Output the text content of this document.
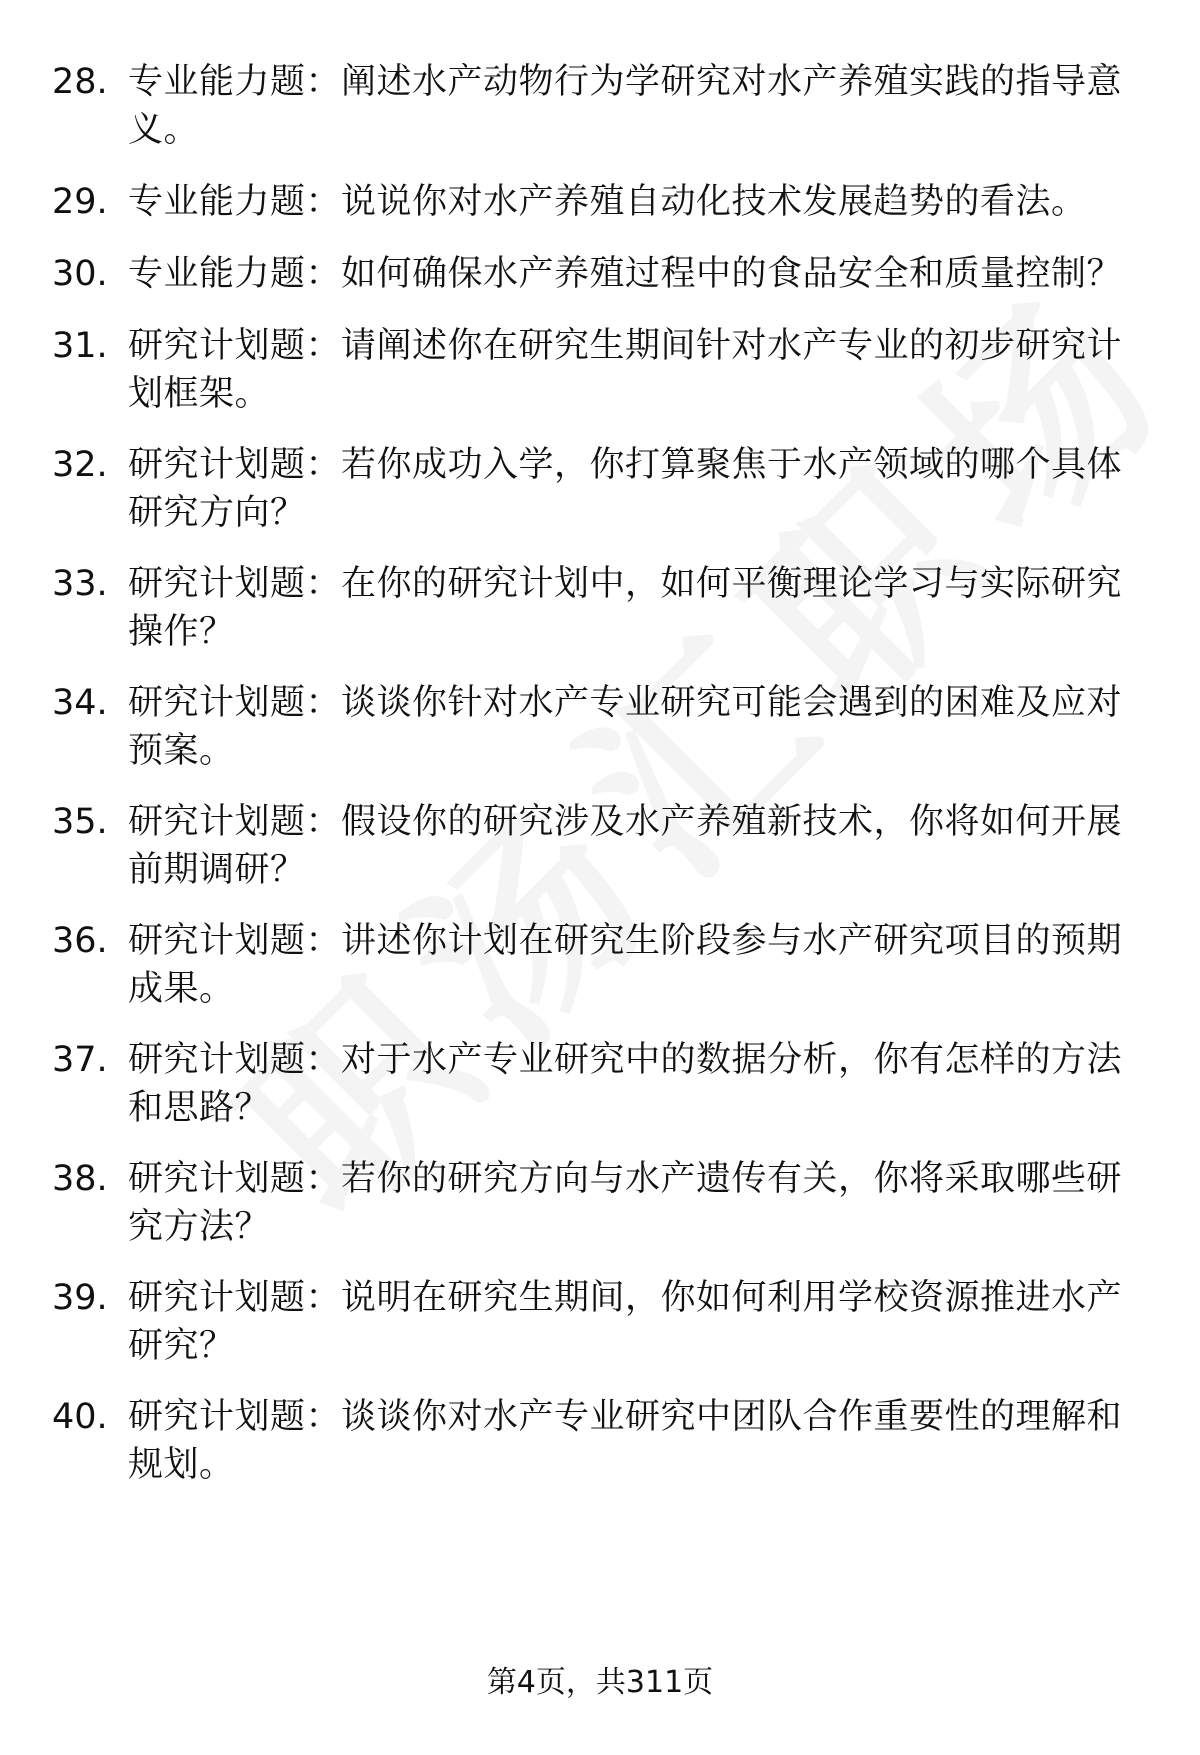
28. 专业能力题：阐述水产动物行为学研究对水产养殖实践的指导意义。
29. 专业能力题：说说你对水产养殖自动化技术发展趋势的看法。
30. 专业能力题：如何确保水产养殖过程中的食品安全和质量控制？
31. 研究计划题：请阐述你在研究生期间针对水产专业的初步研究计划框架。
32. 研究计划题：若你成功入学，你打算聚焦于水产领域的哪个具体研究方向？
33. 研究计划题：在你的研究计划中，如何平衡理论学习与实际研究操作？
34. 研究计划题：谈谈你针对水产专业研究可能会遇到的困难及应对预案。
35. 研究计划题：假设你的研究涉及水产养殖新技术，你将如何开展前期调研？
36. 研究计划题：讲述你计划在研究生阶段参与水产研究项目的预期成果。
37. 研究计划题：对于水产专业研究中的数据分析，你有怎样的方法和思路？
38. 研究计划题：若你的研究方向与水产遗传有关，你将采取哪些研究方法？
39. 研究计划题：说明在研究生期间，你如何利用学校资源推进水产研究？
40. 研究计划题：谈谈你对水产专业研究中团队合作重要性的理解和规划。
第4页，共311页
